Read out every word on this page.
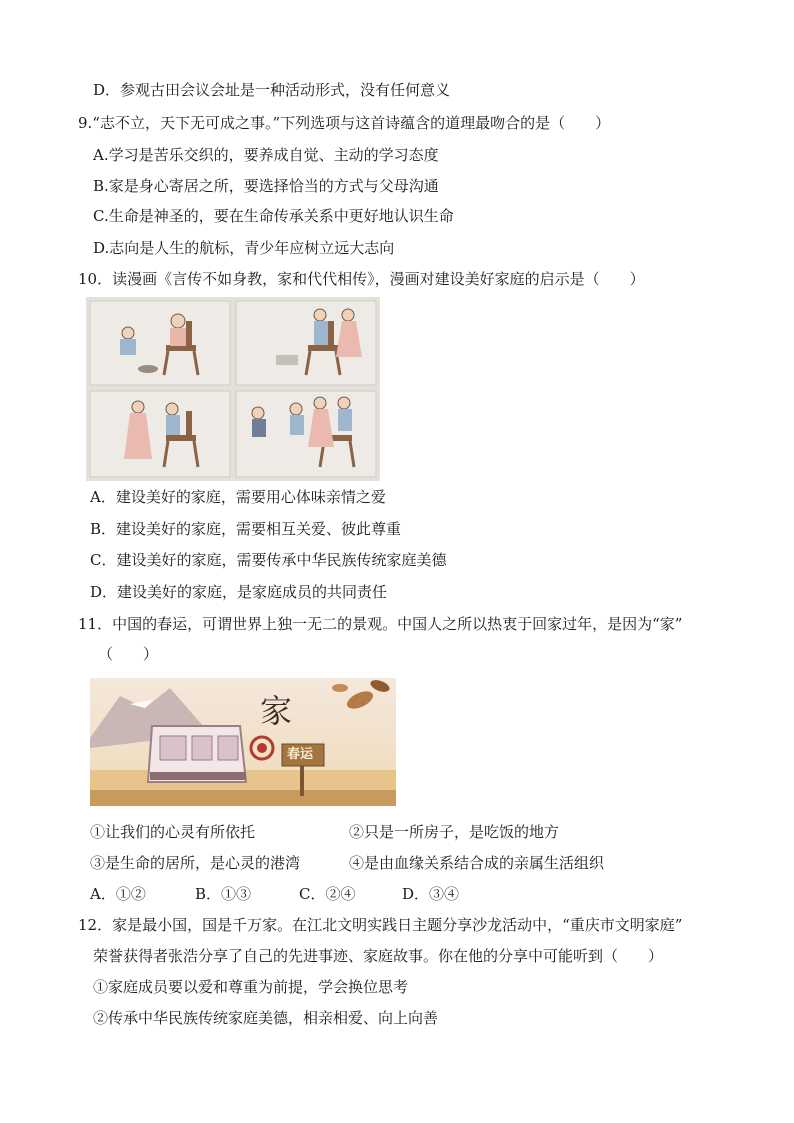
D．参观古田会议会址是一种活动形式，没有任何意义
9.“志不立，天下无可成之事。”下列选项与这首诗蕴含的道理最吻合的是（　　）
A.学习是苦乐交织的，要养成自觉、主动的学习态度
B.家是身心寄居之所，要选择恰当的方式与父母沟通
C.生命是神圣的，要在生命传承关系中更好地认识生命
D.志向是人生的航标，青少年应树立远大志向
10．读漫画《言传不如身教，家和代代相传》，漫画对建设美好家庭的启示是（　　）
A．建设美好的家庭，需要用心体味亲情之爱
B．建设美好的家庭，需要相互关爱、彼此尊重
C．建设美好的家庭，需要传承中华民族传统家庭美德
D．建设美好的家庭，是家庭成员的共同责任
11．中国的春运，可谓世界上独一无二的景观。中国人之所以热衷于回家过年，是因为“家”
（　　）
家
春运
①让我们的心灵有所依托	②只是一所房子，是吃饭的地方
③是生命的居所，是心灵的港湾	④是由血缘关系结合成的亲属生活组织
A．①②	B．①③	C．②④	D．③④
12．家是最小国，国是千万家。在江北文明实践日主题分享沙龙活动中，“重庆市文明家庭”
荣誉获得者张浩分享了自己的先进事迹、家庭故事。你在他的分享中可能听到（　　）
①家庭成员要以爱和尊重为前提，学会换位思考
②传承中华民族传统家庭美德，相亲相爱、向上向善
